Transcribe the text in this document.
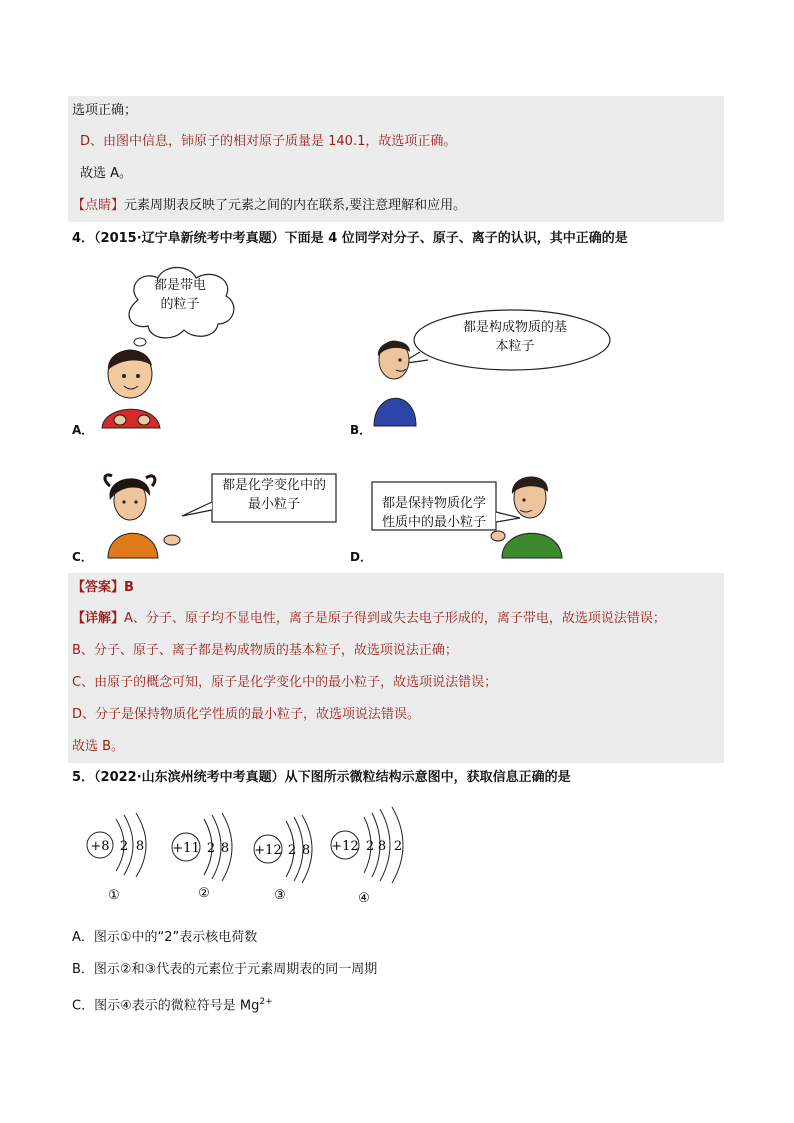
选项正确；
D、由图中信息，铈原子的相对原子质量是 140.1，故选项正确。
故选 A。
【点睛】元素周期表反映了元素之间的内在联系,要注意理解和应用。
4．（2015·辽宁阜新统考中考真题）下面是 4 位同学对分子、原子、离子的认识，其中正确的是
都是带电
的粒子
A．
都是构成物质的基
本粒子
B．
都是化学变化中的
最小粒子
C．
都是保持物质化学
性质中的最小粒子
D．
【答案】B
【详解】A、分子、原子均不显电性，离子是原子得到或失去电子形成的，离子带电，故选项说法错误；
B、分子、原子、离子都是构成物质的基本粒子，故选项说法正确；
C、由原子的概念可知，原子是化学变化中的最小粒子，故选项说法错误；
D、分子是保持物质化学性质的最小粒子，故选项说法错误。
故选 B。
5．（2022·山东滨州统考中考真题）从下图所示微粒结构示意图中，获取信息正确的是
+8 2 8
①
+11 2 8
②
+12 2 8
③
+12 2 8 2
④
A．图示①中的“2”表示核电荷数
B．图示②和③代表的元素位于元素周期表的同一周期
C．图示④表示的微粒符号是 $Mg^{2+}$
